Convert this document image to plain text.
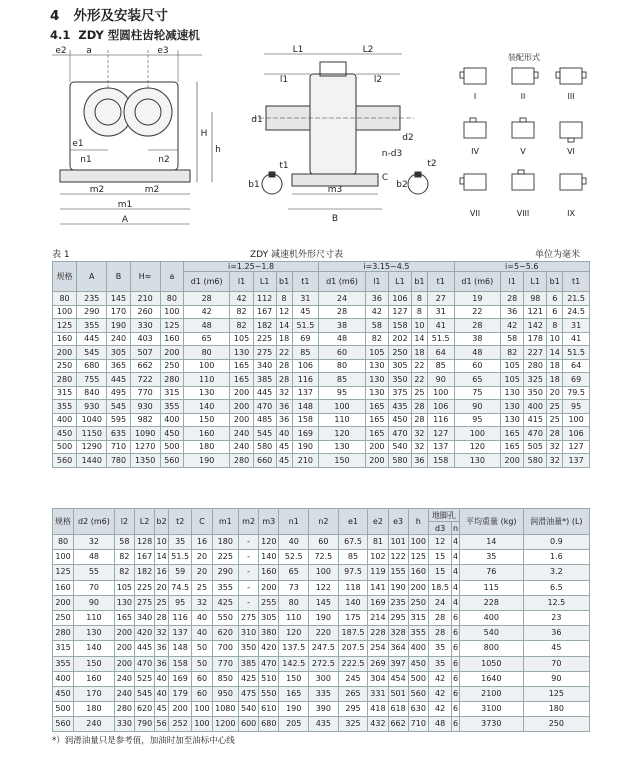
4 外形及安装尺寸
4.1 ZDY 型圆柱齿轮减速机
e2 a	e3
e1
n1	n2
h
H
m2	m2
m1
A
L1	L2
l1	l2
d1
d2
n-d3
t1	t2
b1	b2
C
m3
B
装配形式
I	II	III
IV	V	VI
VII	VIII	IX
表 1	ZDY 减速机外形尺寸表	单位为毫米
规格	A	B	H≈	a	i=1.25~1.8					i=3.15~4.5					i=5~5.6				
					d1 (m6)	l1	L1	b1	t1	d1 (m6)	l1	L1	b1	t1	d1 (m6)	l1	L1	b1	t1
80	235	145	210	80	28	42	112	8	31	24	36	106	8	27	19	28	98	6	21.5
100	290	170	260	100	42	82	167	12	45	28	42	127	8	31	22	36	121	6	24.5
125	355	190	330	125	48	82	182	14	51.5	38	58	158	10	41	28	42	142	8	31
160	445	240	403	160	65	105	225	18	69	48	82	202	14	51.5	38	58	178	10	41
200	545	305	507	200	80	130	275	22	85	60	105	250	18	64	48	82	227	14	51.5
250	680	365	662	250	100	165	340	28	106	80	130	305	22	85	60	105	280	18	64
280	755	445	722	280	110	165	385	28	116	85	130	350	22	90	65	105	325	18	69
315	840	495	770	315	130	200	445	32	137	95	130	375	25	100	75	130	350	20	79.5
355	930	545	930	355	140	200	470	36	148	100	165	435	28	106	90	130	400	25	95
400	1040	595	982	400	150	200	485	36	158	110	165	450	28	116	95	130	415	25	100
450	1150	635	1090	450	160	240	545	40	169	120	165	470	32	127	100	165	470	28	106
500	1290	710	1270	500	180	240	580	45	190	130	200	540	32	137	120	165	505	32	127
560	1440	780	1350	560	190	280	660	45	210	150	200	580	36	158	130	200	580	32	137
规格	d2 (m6)	l2	L2	b2	t2	C	m1	m2	m3	n1	n2	e1	e2	e3	h	地脚孔		平均重量 (kg)	润滑油量*) (L)
																d3	n		
80	32	58	128	10	35	16	180	-	120	40	60	67.5	81	101	100	12	4	14	0.9
100	48	82	167	14	51.5	20	225	-	140	52.5	72.5	85	102	122	125	15	4	35	1.6
125	55	82	182	16	59	20	290	-	160	65	100	97.5	119	155	160	15	4	76	3.2
160	70	105	225	20	74.5	25	355	-	200	73	122	118	141	190	200	18.5	4	115	6.5
200	90	130	275	25	95	32	425	-	255	80	145	140	169	235	250	24	4	228	12.5
250	110	165	340	28	116	40	550	275	305	110	190	175	214	295	315	28	6	400	23
280	130	200	420	32	137	40	620	310	380	120	220	187.5	228	328	355	28	6	540	36
315	140	200	445	36	148	50	700	350	420	137.5	247.5	207.5	254	364	400	35	6	800	45
355	150	200	470	36	158	50	770	385	470	142.5	272.5	222.5	269	397	450	35	6	1050	70
400	160	240	525	40	169	60	850	425	510	150	300	245	304	454	500	42	6	1640	90
450	170	240	545	40	179	60	950	475	550	165	335	265	331	501	560	42	6	2100	125
500	180	280	620	45	200	100	1080	540	610	190	390	295	418	618	630	42	6	3100	180
560	240	330	790	56	252	100	1200	600	680	205	435	325	432	662	710	48	6	3730	250
*）润滑油量只是参考值，加油时加至油标中心线
